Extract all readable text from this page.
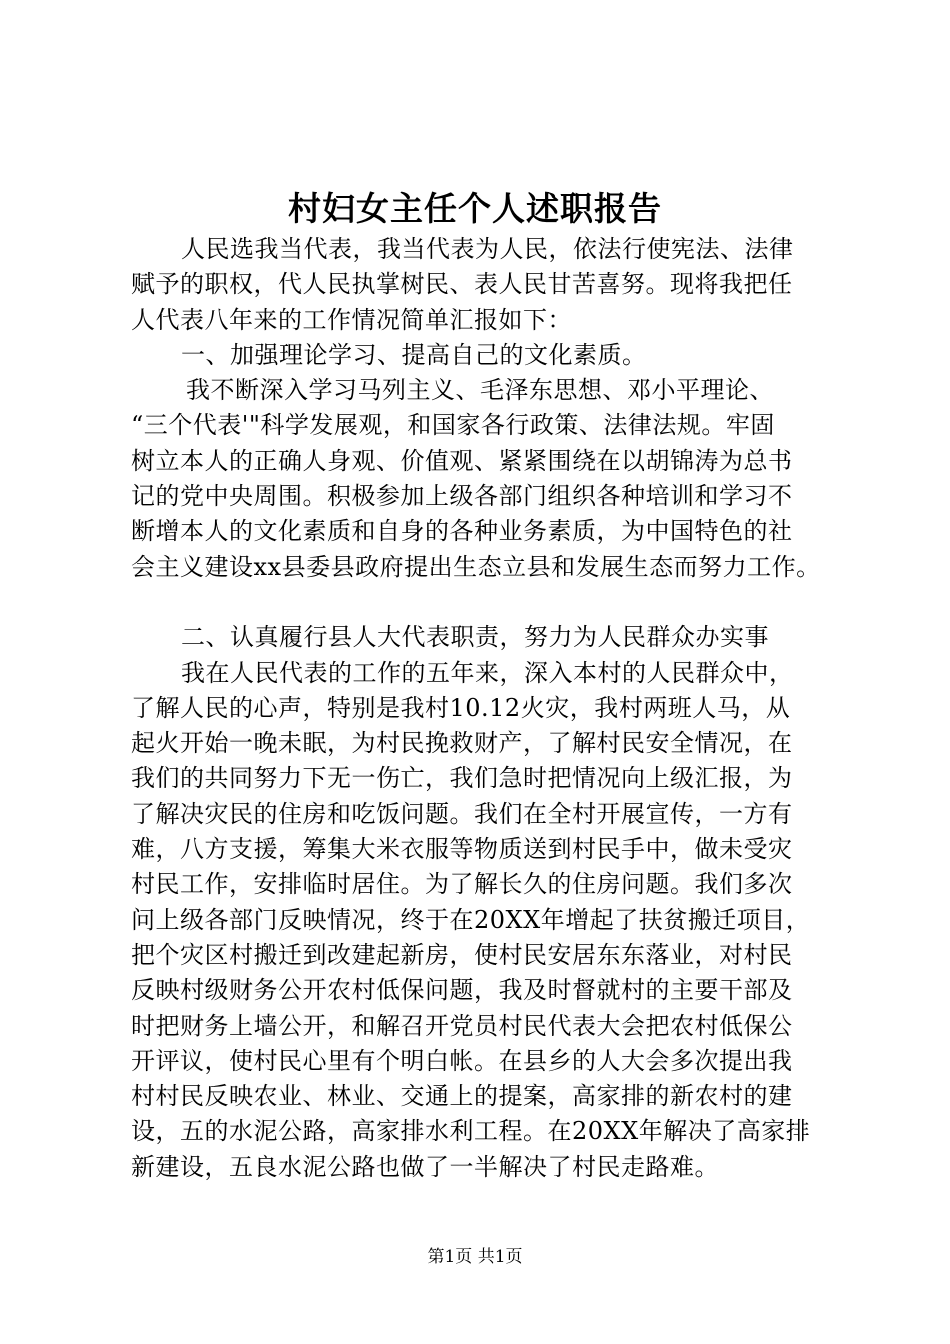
村妇女主任个人述职报告
人民选我当代表，我当代表为人民，依法行使宪法、法律
赋予的职权，代人民执掌树民、表人民甘苦喜努。现将我把任
人代表八年来的工作情况简单汇报如下：
一、加强理论学习、提高自己的文化素质。
我不断深入学习马列主义、毛泽东思想、邓小平理论、
“三个代表'"科学发展观，和国家各行政策、法律法规。牢固
树立本人的正确人身观、价值观、紧紧围绕在以胡锦涛为总书
记的党中央周围。积极参加上级各部门组织各种培训和学习不
断增本人的文化素质和自身的各种业务素质，为中国特色的社
会主义建设xx县委县政府提出生态立县和发展生态而努力工作。
二、认真履行县人大代表职责，努力为人民群众办实事
我在人民代表的工作的五年来，深入本村的人民群众中，
了解人民的心声，特别是我村10.12火灾，我村两班人马，从
起火开始一晚未眠，为村民挽救财产，了解村民安全情况，在
我们的共同努力下无一伤亡，我们急时把情况向上级汇报，为
了解决灾民的住房和吃饭问题。我们在全村开展宣传，一方有
难，八方支援，筹集大米衣服等物质送到村民手中，做未受灾
村民工作，安排临时居住。为了解长久的住房问题。我们多次
问上级各部门反映情况，终于在20XX年增起了扶贫搬迁项目，
把个灾区村搬迁到改建起新房，使村民安居东东落业，对村民
反映村级财务公开农村低保问题，我及时督就村的主要干部及
时把财务上墙公开，和解召开党员村民代表大会把农村低保公
开评议，使村民心里有个明白帐。在县乡的人大会多次提出我
村村民反映农业、林业、交通上的提案，高家排的新农村的建
设，五的水泥公路，高家排水利工程。在20XX年解决了高家排
新建设，五良水泥公路也做了一半解决了村民走路难。
第1页 共1页
